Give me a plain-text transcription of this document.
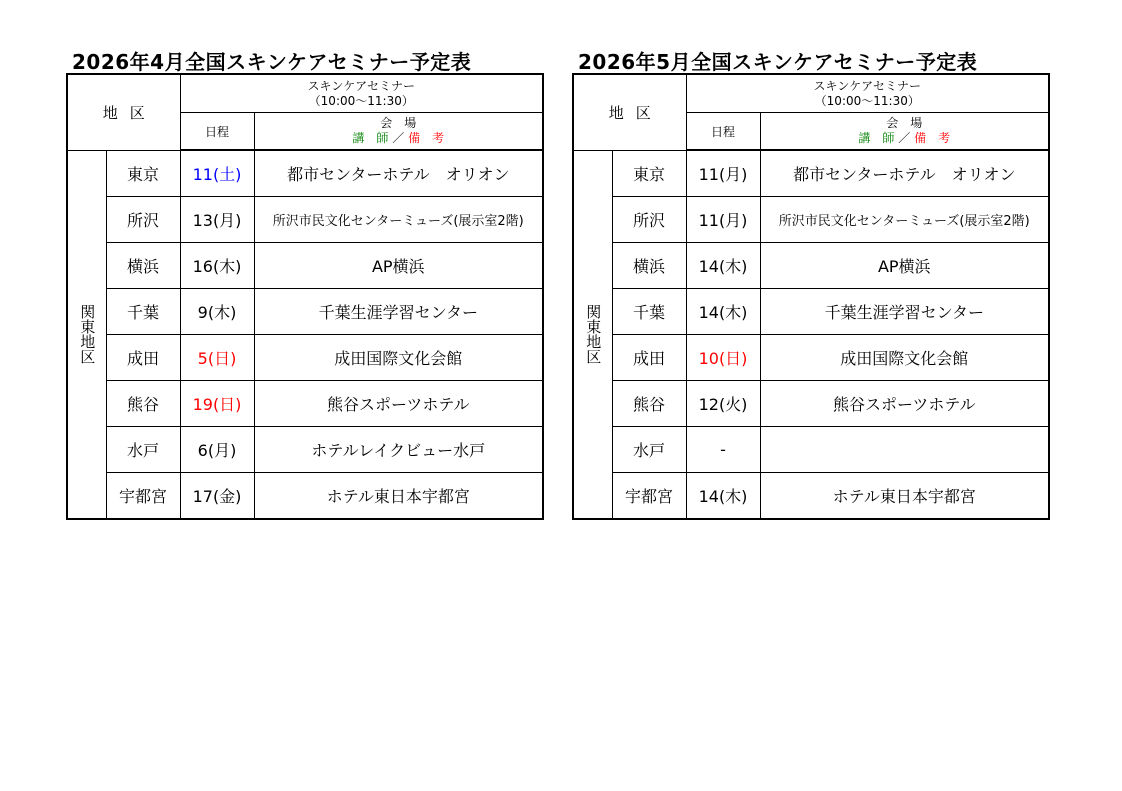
2026年4月全国スキンケアセミナー予定表
地区		スキンケアセミナー
（10:00～11:30）	

		日程	会　場
講　師 ／ 備　考

関東地区	東京	11(土)	都市センターホテル　オリオン
	所沢	13(月)	所沢市民文化センターミューズ(展示室2階)
	横浜	16(木)	AP横浜
	千葉	9(木)	千葉生涯学習センター
	成田	5(日)	成田国際文化会館
	熊谷	19(日)	熊谷スポーツホテル
	水戸	6(月)	ホテルレイクビュー水戸
	宇都宮	17(金)	ホテル東日本宇都宮
2026年5月全国スキンケアセミナー予定表
地区		スキンケアセミナー
（10:00～11:30）	

		日程	会　場
講　師 ／ 備　考

関東地区	東京	11(月)	都市センターホテル　オリオン
	所沢	11(月)	所沢市民文化センターミューズ(展示室2階)
	横浜	14(木)	AP横浜
	千葉	14(木)	千葉生涯学習センター
	成田	10(日)	成田国際文化会館
	熊谷	12(火)	熊谷スポーツホテル
	水戸	-	
	宇都宮	14(木)	ホテル東日本宇都宮
